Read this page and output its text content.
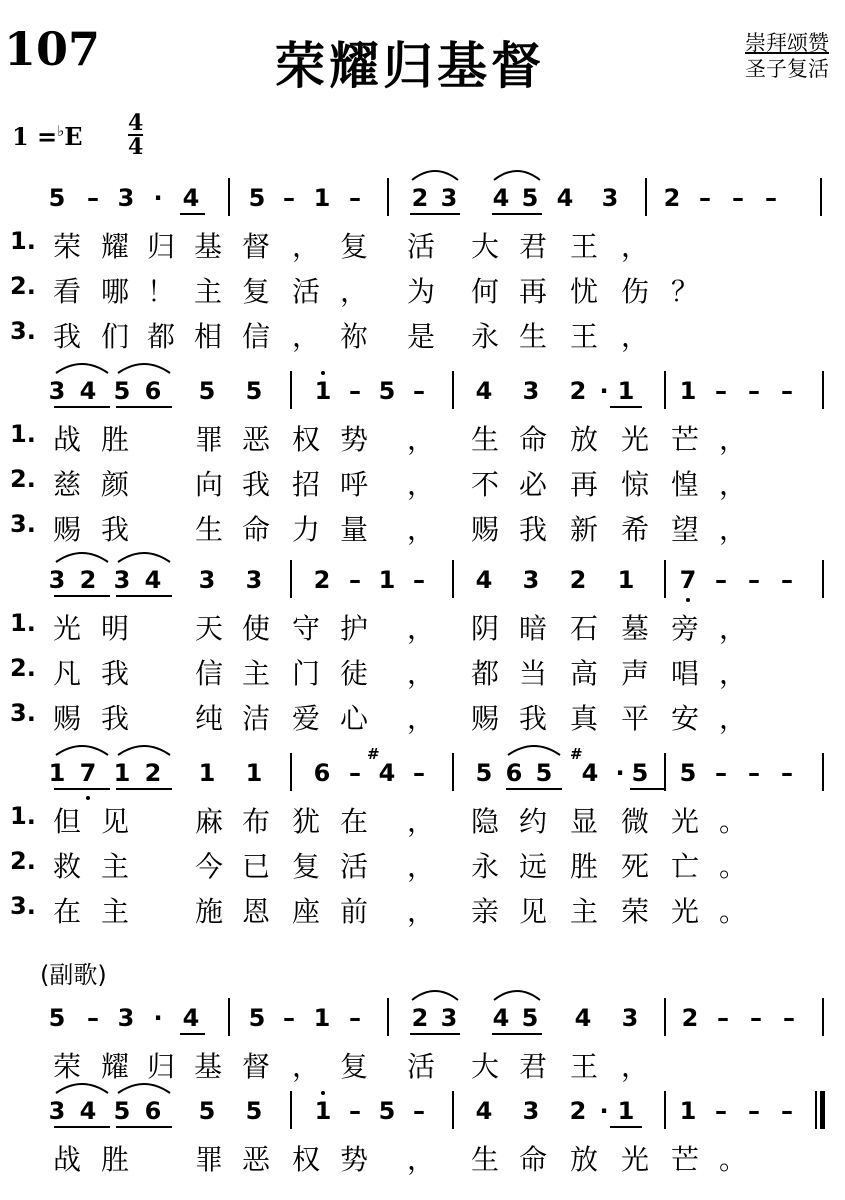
107	荣耀归基督	崇拜颂赞
圣子复活
1 =♭E 4
4
(副歌)
5 – 3 · 4 5 – 1 – 2 3 4 5 4 3 2 – – –
1. 荣 耀 归 基 督 ， 复 活 大 君 王 ，
2. 看 哪 ！ 主 复 活 ， 为 何 再 忧 伤 ？
3. 我 们 都 相 信 ， 祢 是 永 生 王 ，
3 4 5 6 5 5 1 – 5 – 4 3 2 · 1 1 – – –
1. 战 胜 罪 恶 权 势 ， 生 命 放 光 芒 ，
2. 慈 颜 向 我 招 呼 ， 不 必 再 惊 惶 ，
3. 赐 我 生 命 力 量 ， 赐 我 新 希 望 ，
3 2 3 4 3 3 2 – 1 – 4 3 2 1 7 – – –
1. 光 明 天 使 守 护 ， 阴 暗 石 墓 旁 ，
2. 凡 我 信 主 门 徒 ， 都 当 高 声 唱 ，
3. 赐 我 纯 洁 爱 心 ， 赐 我 真 平 安 ，
1 7 1 2 1 1 6 – 4
#
– 5 6 5 4
#
· 5 5 – – –
1. 但 见 麻 布 犹 在 ， 隐 约 显 微 光 。
2. 救 主 今 已 复 活 ， 永 远 胜 死 亡 。
3. 在 主 施 恩 座 前 ， 亲 见 主 荣 光 。
5 – 3 · 4 5 – 1 – 2 3 4 5 4 3 2 – – –
荣 耀 归 基 督 ， 复 活 大 君 王 ，
3 4 5 6 5 5 1 – 5 – 4 3 2 · 1 1 – – –
战 胜 罪 恶 权 势 ， 生 命 放 光 芒 。
